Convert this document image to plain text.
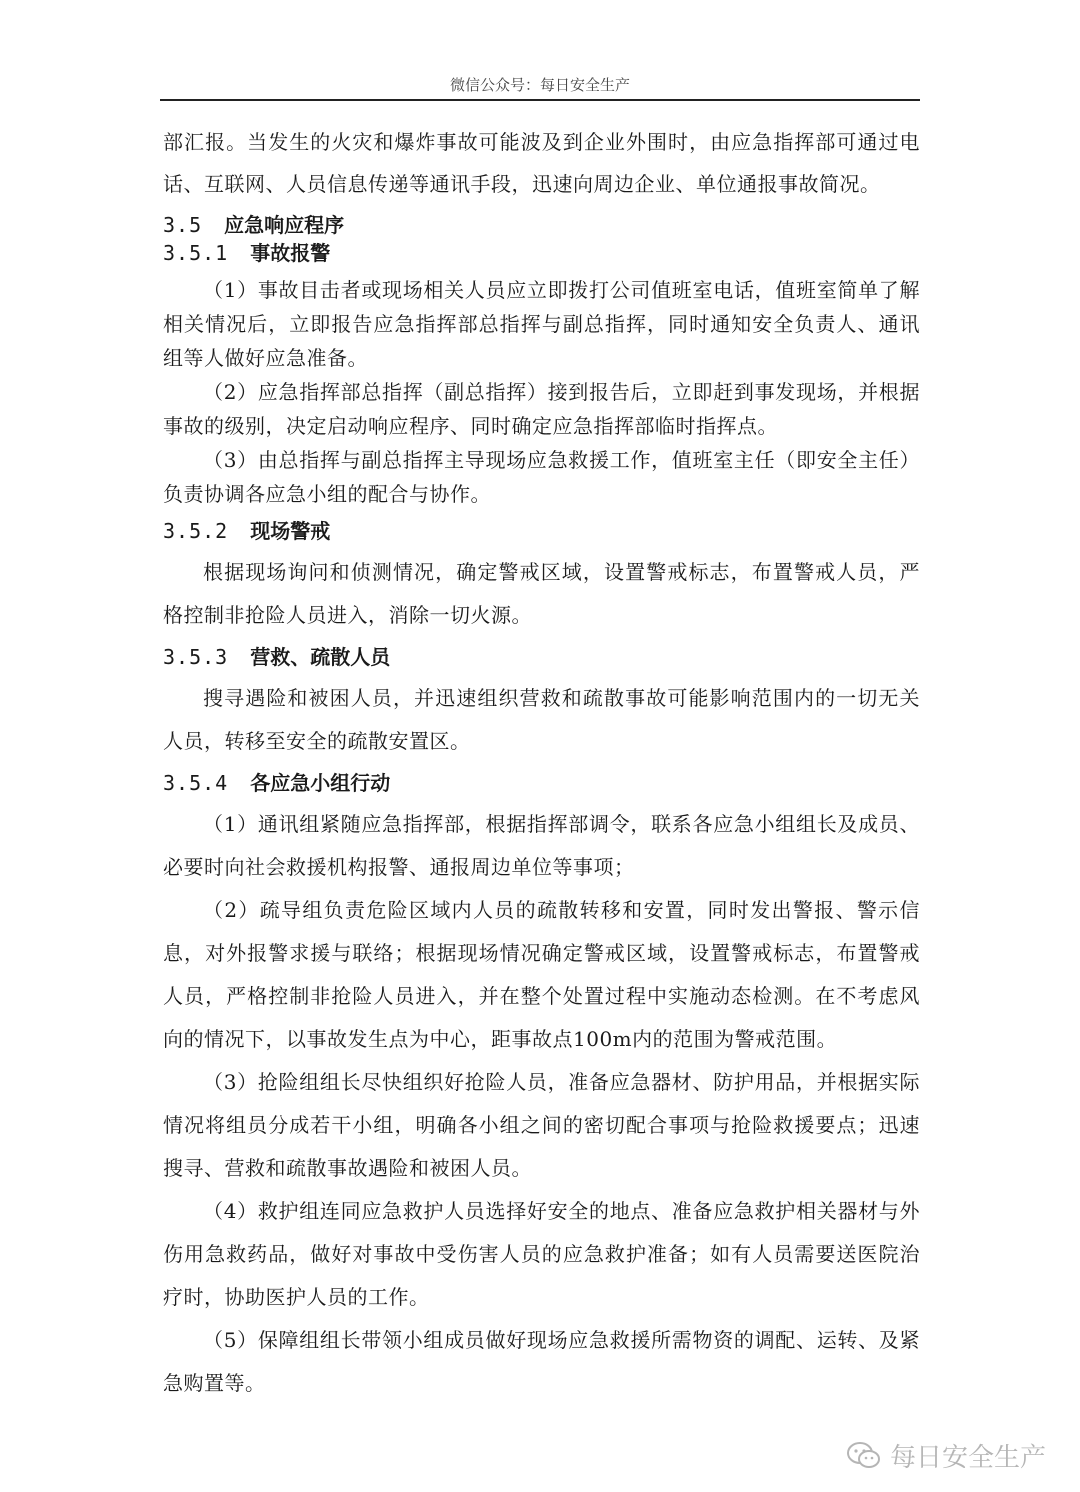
微信公众号：每日安全生产

部汇报。当发生的火灾和爆炸事故可能波及到企业外围时，由应急指挥部可通过电话、互联网、人员信息传递等通讯手段，迅速向周边企业、单位通报事故简况。

3.5 应急响应程序
3.5.1 事故报警

（1）事故目击者或现场相关人员应立即拨打公司值班室电话，值班室简单了解相关情况后，立即报告应急指挥部总指挥与副总指挥，同时通知安全负责人、通讯组等人做好应急准备。

（2）应急指挥部总指挥（副总指挥）接到报告后，立即赶到事发现场，并根据事故的级别，决定启动响应程序、同时确定应急指挥部临时指挥点。

（3）由总指挥与副总指挥主导现场应急救援工作，值班室主任（即安全主任）负责协调各应急小组的配合与协作。

3.5.2 现场警戒

根据现场询问和侦测情况，确定警戒区域，设置警戒标志，布置警戒人员，严格控制非抢险人员进入，消除一切火源。

3.5.3 营救、疏散人员

搜寻遇险和被困人员，并迅速组织营救和疏散事故可能影响范围内的一切无关人员，转移至安全的疏散安置区。

3.5.4 各应急小组行动

（1）通讯组紧随应急指挥部，根据指挥部调令，联系各应急小组组长及成员、必要时向社会救援机构报警、通报周边单位等事项；

（2）疏导组负责危险区域内人员的疏散转移和安置，同时发出警报、警示信息，对外报警求援与联络；根据现场情况确定警戒区域，设置警戒标志，布置警戒人员，严格控制非抢险人员进入，并在整个处置过程中实施动态检测。在不考虑风向的情况下，以事故发生点为中心，距事故点100m内的范围为警戒范围。

（3）抢险组组长尽快组织好抢险人员，准备应急器材、防护用品，并根据实际情况将组员分成若干小组，明确各小组之间的密切配合事项与抢险救援要点；迅速搜寻、营救和疏散事故遇险和被困人员。

（4）救护组连同应急救护人员选择好安全的地点、准备应急救护相关器材与外伤用急救药品，做好对事故中受伤害人员的应急救护准备；如有人员需要送医院治疗时，协助医护人员的工作。

（5）保障组组长带领小组成员做好现场应急救援所需物资的调配、运转、及紧急购置等。

每日安全生产
